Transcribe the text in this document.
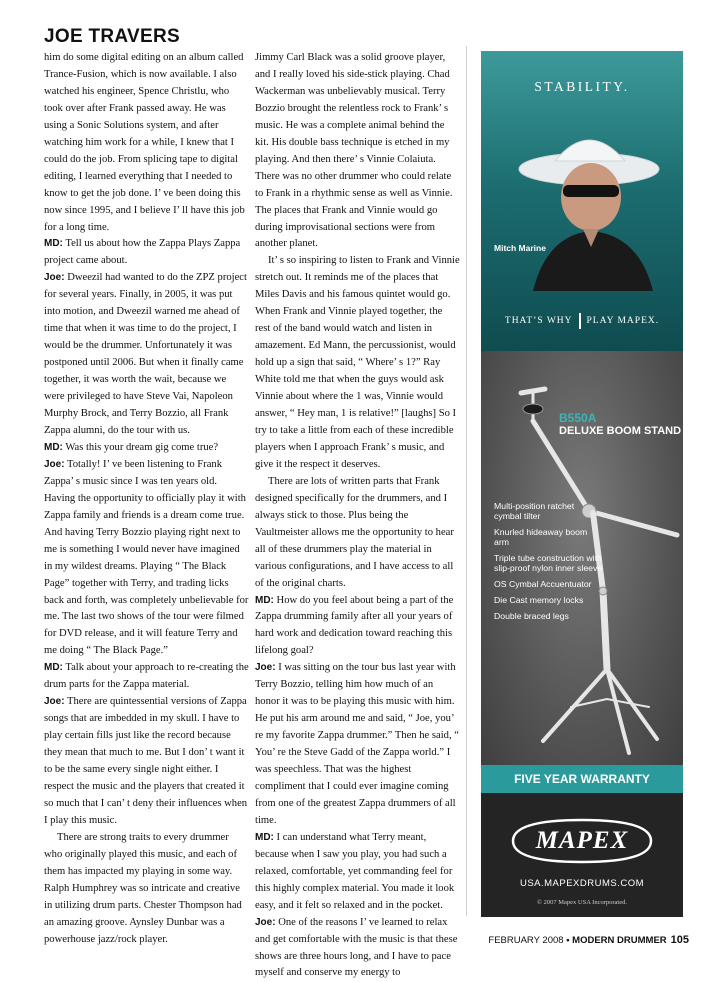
JOE TRAVERS

him do some digital editing on an album called Trance-Fusion, which is now available. I also watched his engineer, Spence Christlu, who took over after Frank passed away. He was using a Sonic Solutions system, and after watching him work for a while, I knew that I could do the job. From splicing tape to digital editing, I learned everything that I needed to know to get the job done. I’ ve been doing this now since 1995, and I believe I’ ll have this job for a long time.

MD: Tell us about how the Zappa Plays Zappa project came about.

Joe: Dweezil had wanted to do the ZPZ project for several years. Finally, in 2005, it was put into motion, and Dweezil warned me ahead of time that when it was time to do the project, I would be the drummer. Unfortunately it was postponed until 2006. But when it finally came together, it was worth the wait, because we were privileged to have Steve Vai, Napoleon Murphy Brock, and Terry Bozzio, all Frank Zappa alumni, do the tour with us.

MD: Was this your dream gig come true?

Joe: Totally! I’ ve been listening to Frank Zappa’ s music since I was ten years old. Having the opportunity to officially play it with Zappa family and friends is a dream come true. And having Terry Bozzio playing right next to me is something I would never have imagined in my wildest dreams. Playing “ The Black Page” together with Terry, and trading licks back and forth, was completely unbelievable for me. The last two shows of the tour were filmed for DVD release, and it will feature Terry and me doing “ The Black Page.”

MD: Talk about your approach to re-creating the drum parts for the Zappa material.

Joe: There are quintessential versions of Zappa songs that are imbedded in my skull. I have to play certain fills just like the record because they mean that much to me. But I don’ t want it to be the same every single night either. I respect the music and the players that created it so much that I can’ t deny their influences when I play this music.

There are strong traits to every drummer who originally played this music, and each of them has impacted my playing in some way. Ralph Humphrey was so intricate and creative in utilizing drum parts. Chester Thompson had an amazing groove. Aynsley Dunbar was a powerhouse jazz/rock player.

Jimmy Carl Black was a solid groove player, and I really loved his side-stick playing. Chad Wackerman was unbelievably musical. Terry Bozzio brought the relentless rock to Frank’ s music. He was a complete animal behind the kit. His double bass technique is etched in my playing. And then there’ s Vinnie Colaiuta. There was no other drummer who could relate to Frank in a rhythmic sense as well as Vinnie. The places that Frank and Vinnie would go during improvisational sections were from another planet.

It’ s so inspiring to listen to Frank and Vinnie stretch out. It reminds me of the places that Miles Davis and his famous quintet would go. When Frank and Vinnie played together, the rest of the band would watch and listen in amazement. Ed Mann, the percussionist, would hold up a sign that said, “ Where’ s 1?” Ray White told me that when the guys would ask Vinnie about where the 1 was, Vinnie would answer, “ Hey man, 1 is relative!” [laughs] So I try to take a little from each of these incredible players when I approach Frank’ s music, and give it the respect it deserves.

There are lots of written parts that Frank designed specifically for the drummers, and I always stick to those. Plus being the Vaultmeister allows me the opportunity to hear all of these drummers play the material in various configurations, and I have access to all of the original charts.

MD: How do you feel about being a part of the Zappa drumming family after all your years of hard work and dedication toward reaching this lifelong goal?

Joe: I was sitting on the tour bus last year with Terry Bozzio, telling him how much of an honor it was to be playing this music with him. He put his arm around me and said, “ Joe, you’ re my favorite Zappa drummer.” Then he said, “ You’ re the Steve Gadd of the Zappa world.” I was speechless. That was the highest compliment that I could ever imagine coming from one of the greatest Zappa drummers of all time.

MD: I can understand what Terry meant, because when I saw you play, you had such a relaxed, comfortable, yet commanding feel for this highly complex material. You made it look easy, and it felt so relaxed and in the pocket.

Joe: One of the reasons I’ ve learned to relax and get comfortable with the music is that these shows are three hours long, and I have to pace myself and conserve my energy to

STABILITY.
Mitch Marine
THAT’S WHY PLAY MAPEX.
B550A
DELUXE BOOM STAND
Multi-position ratchet cymbal tilter
Knurled hideaway boom arm
Triple tube construction with slip-proof nylon inner sleeve
OS Cymbal Accuentuator
Die Cast memory locks
Double braced legs
FIVE YEAR WARRANTY
MAPEX
USA.MAPEXDRUMS.COM
© 2007 Mapex USA Incorporated.
FEBRUARY 2008 • MODERN DRUMMER 105
